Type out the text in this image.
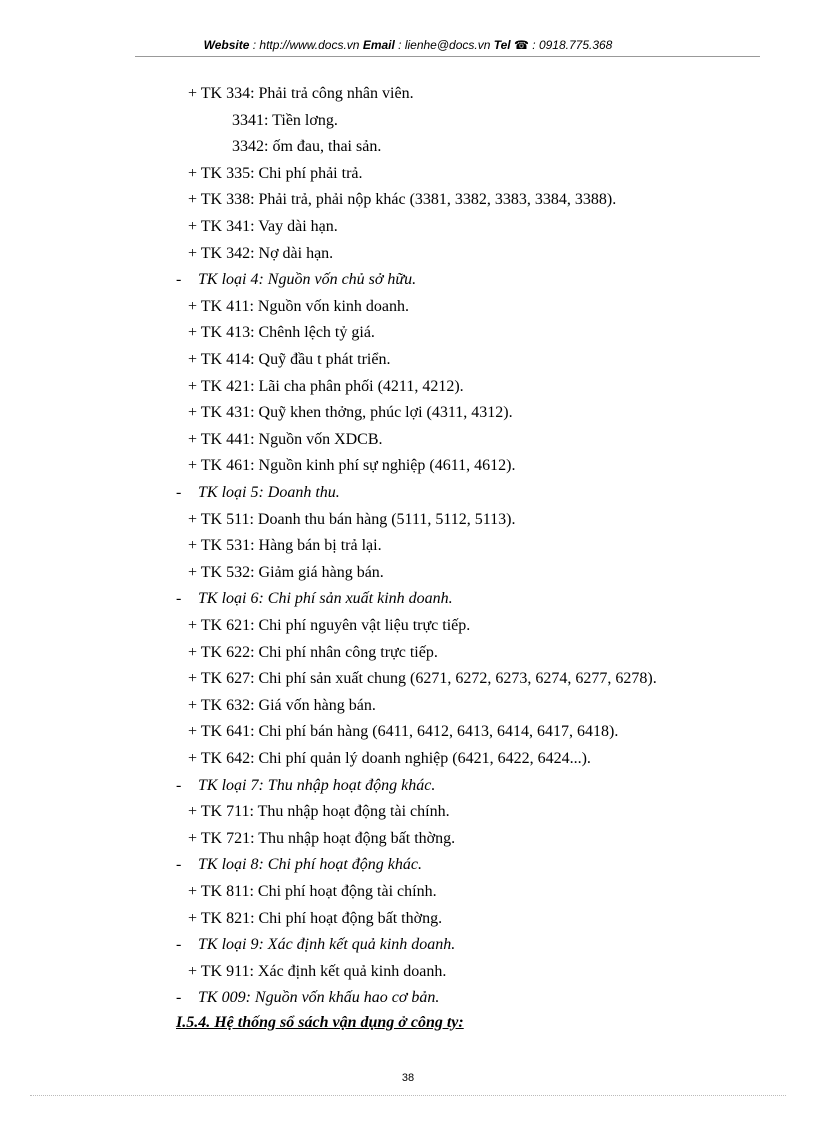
Website : http://www.docs.vn Email : lienhe@docs.vn Tel ☎ : 0918.775.368
+ TK 334: Phải trả công nhân viên.
3341: Tiền lơng.
3342: ốm đau, thai sản.
+ TK 335: Chi phí phải trả.
+ TK 338: Phải trả, phải nộp khác (3381, 3382, 3383, 3384, 3388).
+ TK 341: Vay dài hạn.
+ TK 342: Nợ dài hạn.
- TK loại 4: Nguồn vốn chủ sở hữu.
+ TK 411: Nguồn vốn kinh doanh.
+ TK 413: Chênh lệch tỷ giá.
+ TK 414: Quỹ đầu t phát triển.
+ TK 421: Lãi cha phân phối (4211, 4212).
+ TK 431: Quỹ khen thởng, phúc lợi (4311, 4312).
+ TK 441: Nguồn vốn XDCB.
+ TK 461: Nguồn kinh phí sự nghiệp (4611, 4612).
- TK loại 5: Doanh thu.
+ TK 511: Doanh thu bán hàng (5111, 5112, 5113).
+ TK 531: Hàng bán bị trả lại.
+ TK 532: Giảm giá hàng bán.
- TK loại 6: Chi phí sản xuất kinh doanh.
+ TK 621: Chi phí nguyên vật liệu trực tiếp.
+ TK 622: Chi phí nhân công trực tiếp.
+ TK 627: Chi phí sản xuất chung (6271, 6272, 6273, 6274, 6277, 6278).
+ TK 632: Giá vốn hàng bán.
+ TK 641: Chi phí bán hàng (6411, 6412, 6413, 6414, 6417, 6418).
+ TK 642: Chi phí quản lý doanh nghiệp (6421, 6422, 6424...).
- TK loại 7: Thu nhập hoạt động khác.
+ TK 711: Thu nhập hoạt động tài chính.
+ TK 721: Thu nhập hoạt động bất thờng.
- TK loại 8: Chi phí hoạt động khác.
+ TK 811: Chi phí hoạt động tài chính.
+ TK 821: Chi phí hoạt động bất thờng.
- TK loại 9: Xác định kết quả kinh doanh.
+ TK 911: Xác định kết quả kinh doanh.
- TK 009: Nguồn vốn khấu hao cơ bản.
I.5.4. Hệ thống sổ sách vận dụng ở công ty:
38
